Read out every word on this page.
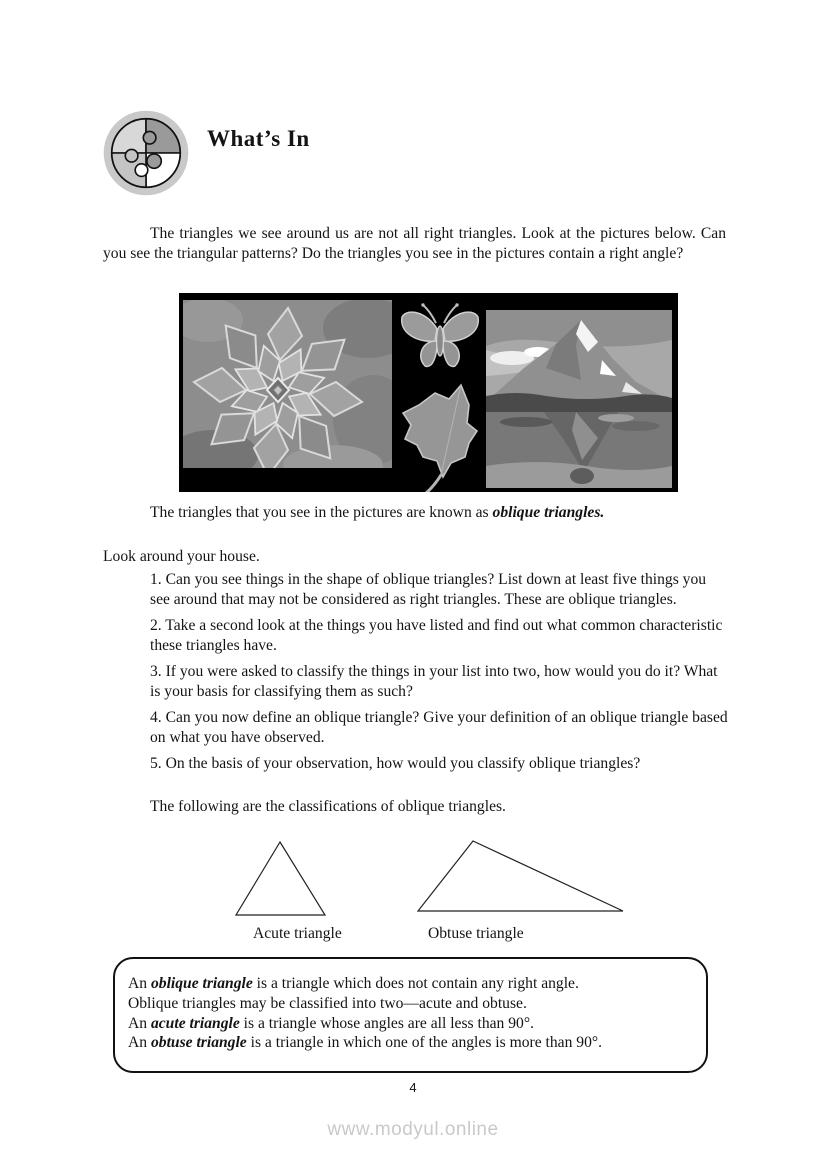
What’s In
The triangles we see around us are not all right triangles. Look at the pictures below. Can you see the triangular patterns? Do the triangles you see in the pictures contain a right angle?
The triangles that you see in the pictures are known as oblique triangles.
Look around your house.
1. Can you see things in the shape of oblique triangles? List down at least five things you see around that may not be considered as right triangles. These are oblique triangles.
2. Take a second look at the things you have listed and find out what common characteristic these triangles have.
3. If you were asked to classify the things in your list into two, how would you do it? What is your basis for classifying them as such?
4. Can you now define an oblique triangle? Give your definition of an oblique triangle based on what you have observed.
5. On the basis of your observation, how would you classify oblique triangles?
The following are the classifications of oblique triangles.
Acute triangle	Obtuse triangle
An oblique triangle is a triangle which does not contain any right angle.
Oblique triangles may be classified into two—acute and obtuse.
An acute triangle is a triangle whose angles are all less than 90°.
An obtuse triangle is a triangle in which one of the angles is more than 90°.
4
www.modyul.online
